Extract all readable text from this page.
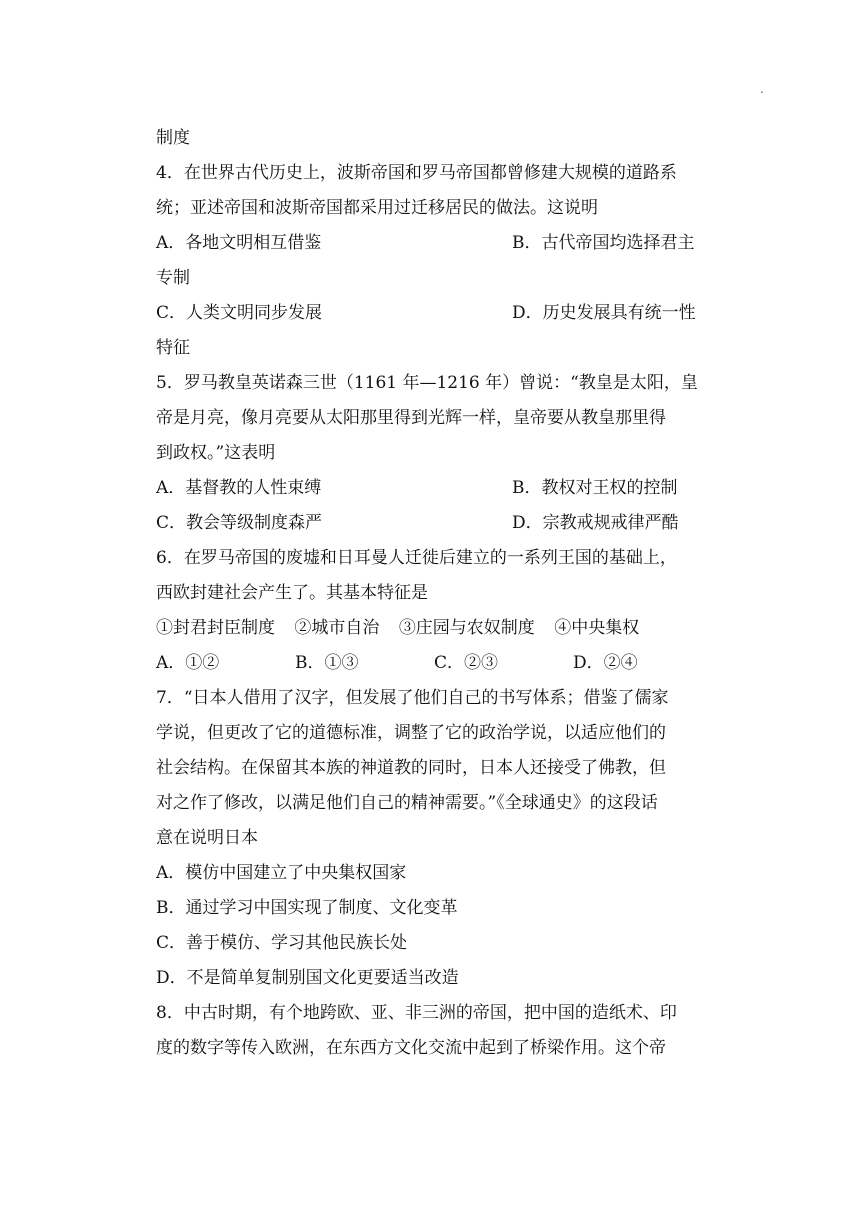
.
制度
4．在世界古代历史上，波斯帝国和罗马帝国都曾修建大规模的道路系
统；亚述帝国和波斯帝国都采用过迁移居民的做法。这说明
A．各地文明相互借鉴	B．古代帝国均选择君主
专制
C．人类文明同步发展	D．历史发展具有统一性
特征
5．罗马教皇英诺森三世（1161 年—1216 年）曾说：“教皇是太阳，皇
帝是月亮，像月亮要从太阳那里得到光辉一样，皇帝要从教皇那里得
到政权。”这表明
A．基督教的人性束缚	B．教权对王权的控制
C．教会等级制度森严	D．宗教戒规戒律严酷
6．在罗马帝国的废墟和日耳曼人迁徙后建立的一系列王国的基础上，
西欧封建社会产生了。其基本特征是
①封君封臣制度 ②城市自治 ③庄园与农奴制度 ④中央集权
A．①②	B．①③	C．②③	D．②④
7．“日本人借用了汉字，但发展了他们自己的书写体系；借鉴了儒家
学说，但更改了它的道德标准，调整了它的政治学说，以适应他们的
社会结构。在保留其本族的神道教的同时，日本人还接受了佛教，但
对之作了修改，以满足他们自己的精神需要。”《全球通史》的这段话
意在说明日本
A．模仿中国建立了中央集权国家
B．通过学习中国实现了制度、文化变革
C．善于模仿、学习其他民族长处
D．不是简单复制别国文化更要适当改造
8．中古时期，有个地跨欧、亚、非三洲的帝国，把中国的造纸术、印
度的数字等传入欧洲，在东西方文化交流中起到了桥梁作用。这个帝
